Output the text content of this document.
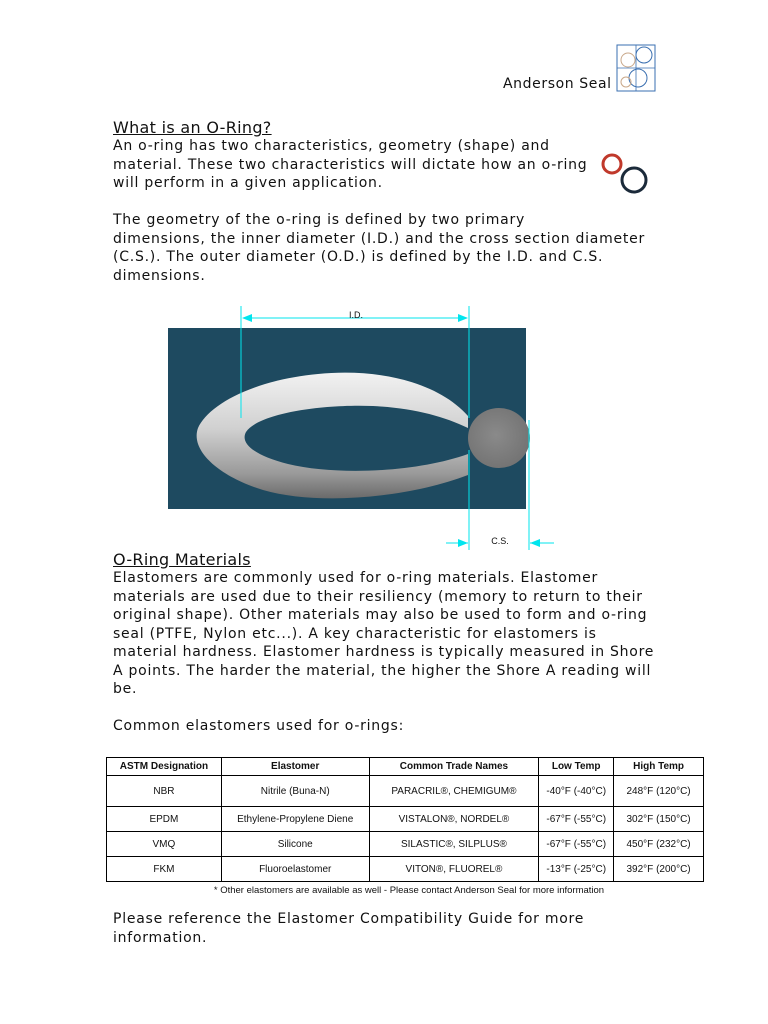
Anderson Seal
What is an O-Ring?
An o-ring has two characteristics, geometry (shape) and
material. These two characteristics will dictate how an o-ring
will perform in a given application.
The geometry of the o-ring is defined by two primary
dimensions, the inner diameter (I.D.) and the cross section diameter
(C.S.). The outer diameter (O.D.) is defined by the I.D. and C.S.
dimensions.
I.D.
C.S.
O-Ring Materials
Elastomers are commonly used for o-ring materials. Elastomer
materials are used due to their resiliency (memory to return to their
original shape). Other materials may also be used to form and o-ring
seal (PTFE, Nylon etc...). A key characteristic for elastomers is
material hardness. Elastomer hardness is typically measured in Shore
A points. The harder the material, the higher the Shore A reading will
be.
Common elastomers used for o-rings:
ASTM Designation	Elastomer	Common Trade Names	Low Temp	High Temp
NBR	Nitrile (Buna-N)	PARACRIL®, CHEMIGUM®	-40°F (-40°C)	248°F (120°C)
EPDM	Ethylene-Propylene Diene	VISTALON®, NORDEL®	-67°F (-55°C)	302°F (150°C)
VMQ	Silicone	SILASTIC®, SILPLUS®	-67°F (-55°C)	450°F (232°C)
FKM	Fluoroelastomer	VITON®, FLUOREL®	-13°F (-25°C)	392°F (200°C)
* Other elastomers are available as well - Please contact Anderson Seal for more information
Please reference the Elastomer Compatibility Guide for more
information.
